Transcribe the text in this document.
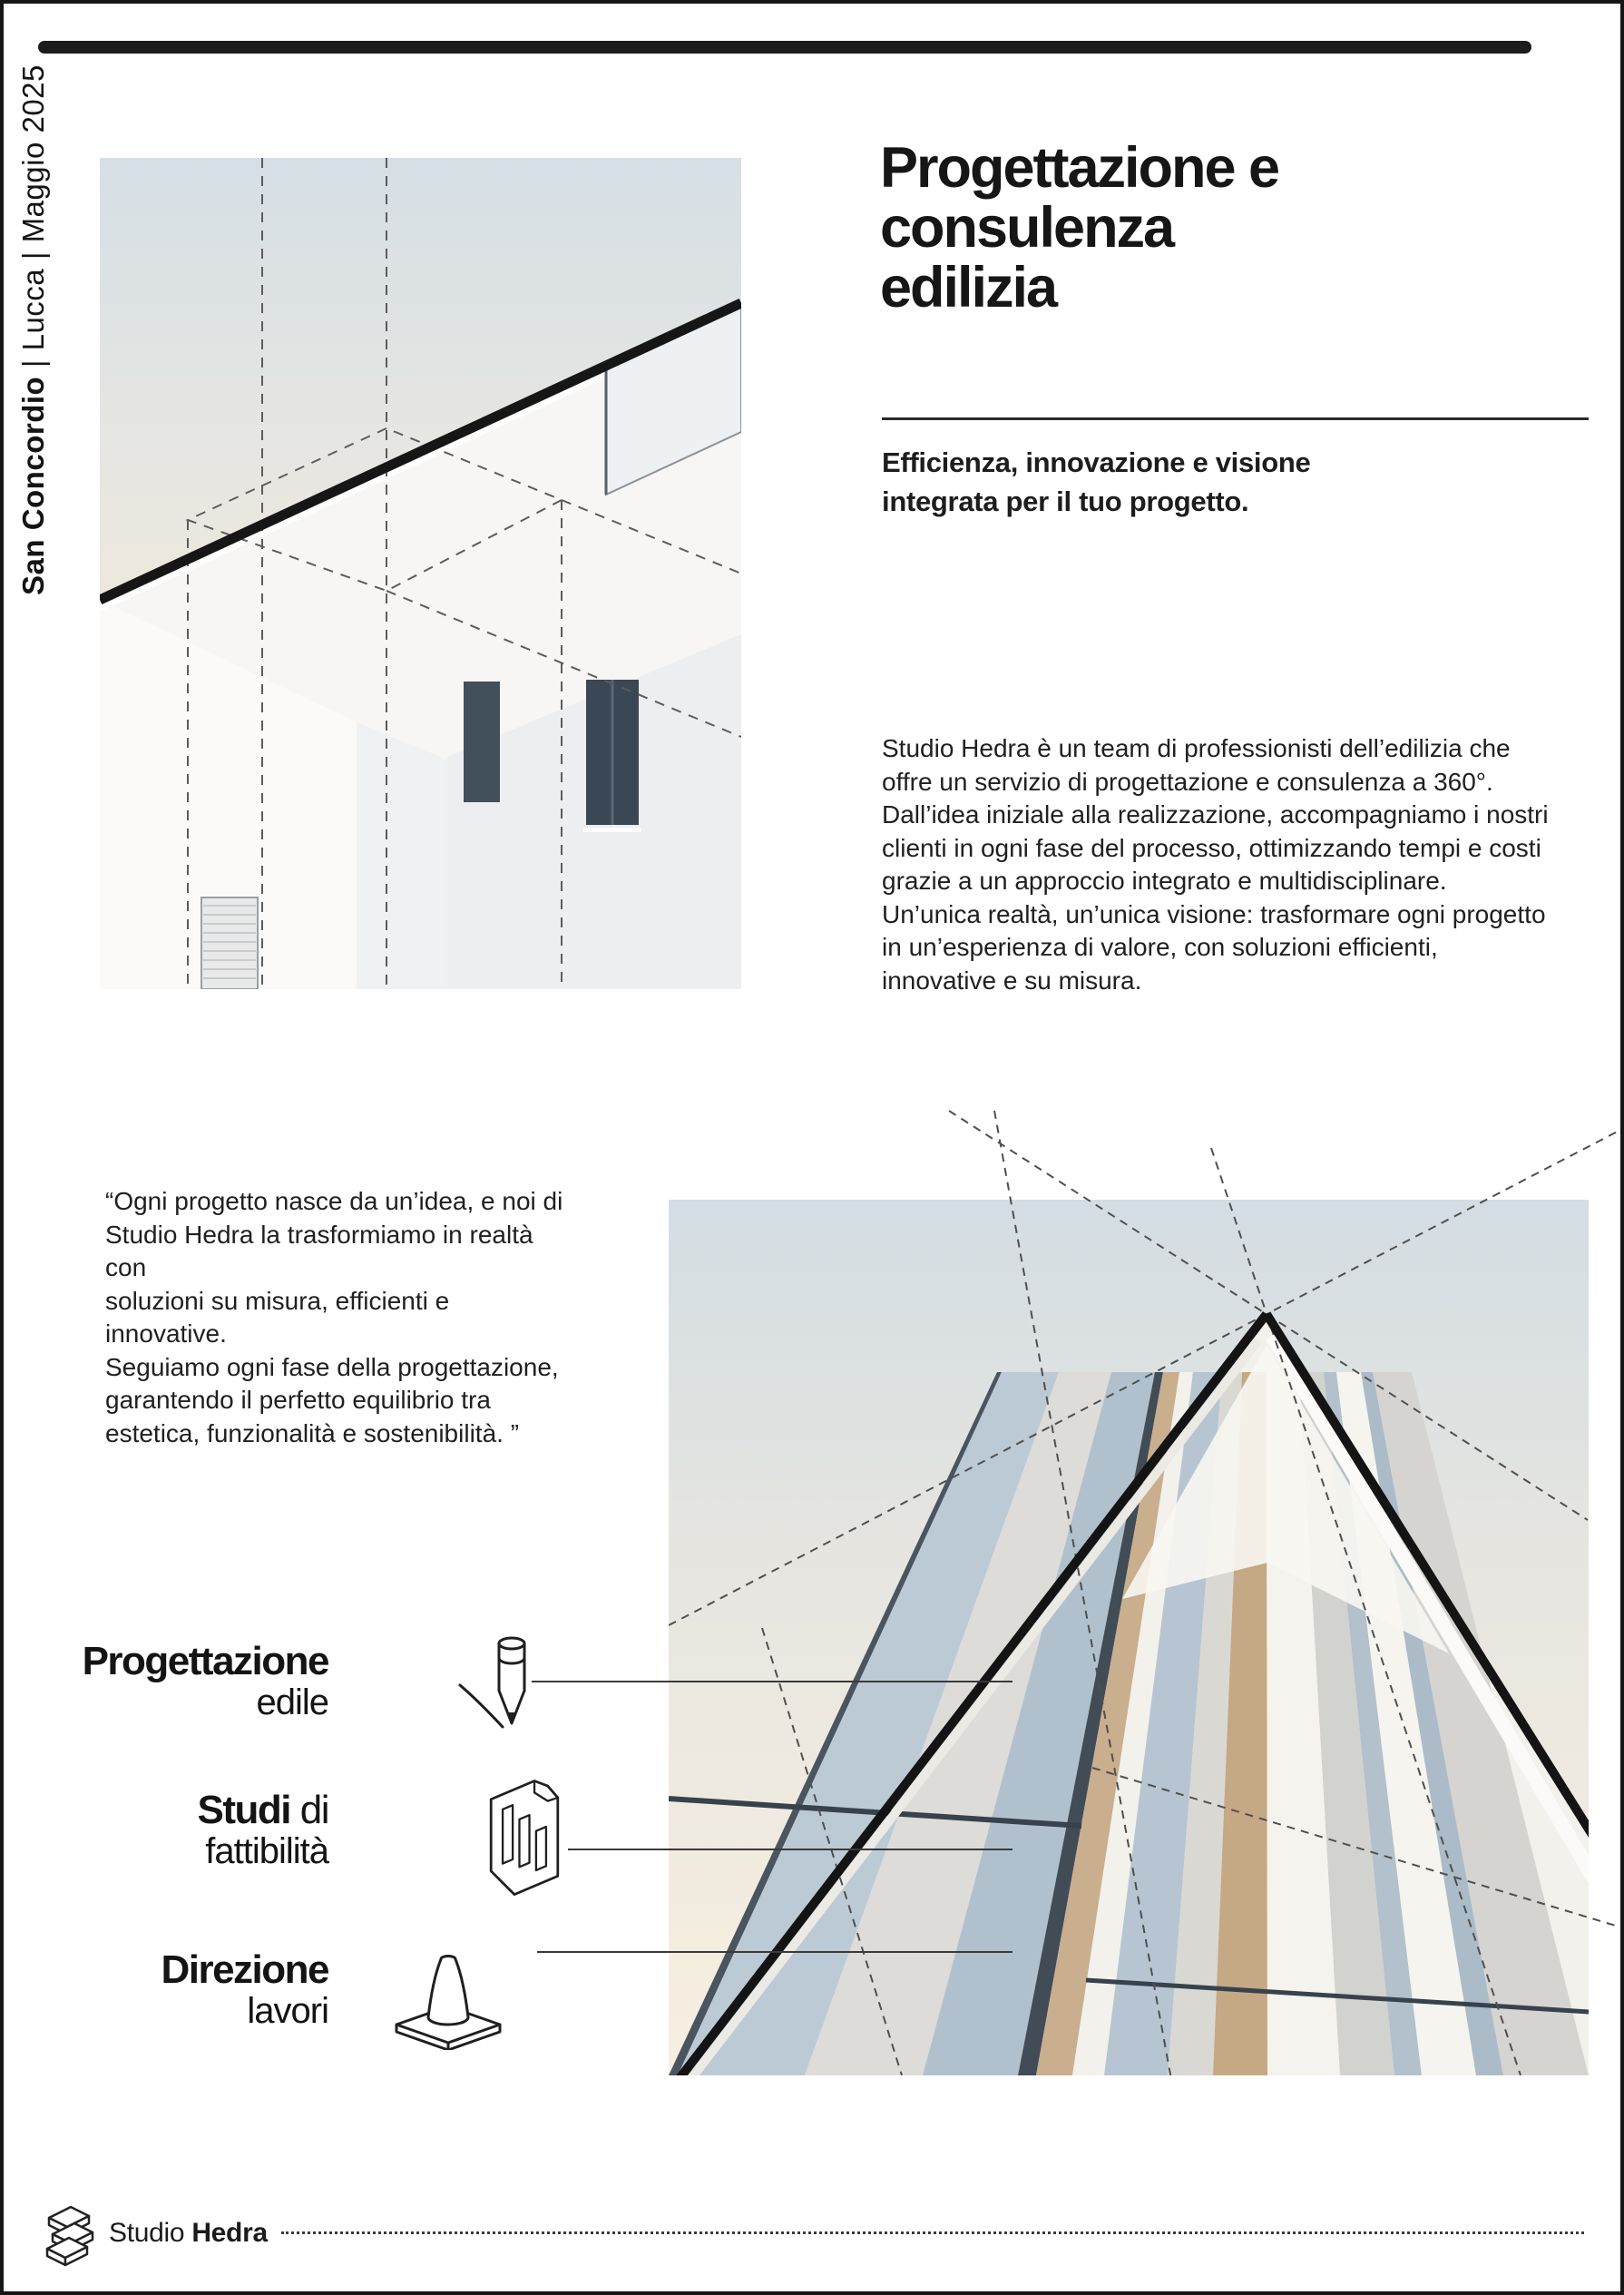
San Concordio | Lucca | Maggio 2025	Progettazione e
consulenza
edilizia
Efficienza, innovazione e visione
integrata per il tuo progetto.
Studio Hedra è un team di professionisti dell’edilizia che
offre un servizio di progettazione e consulenza a 360°.
Dall’idea iniziale alla realizzazione, accompagniamo i nostri
clienti in ogni fase del processo, ottimizzando tempi e costi
grazie a un approccio integrato e multidisciplinare.
Un’unica realtà, un’unica visione: trasformare ogni progetto
in un’esperienza di valore, con soluzioni efficienti,
innovative e su misura.
“Ogni progetto nasce da un’idea, e noi di
Studio Hedra la trasformiamo in realtà con
soluzioni su misura, efficienti e innovative.
Seguiamo ogni fase della progettazione,
garantendo il perfetto equilibrio tra
estetica, funzionalità e sostenibilità. ”
Progettazione
edile
Studi di
fattibilità
Direzione
lavori
Studio Hedra
